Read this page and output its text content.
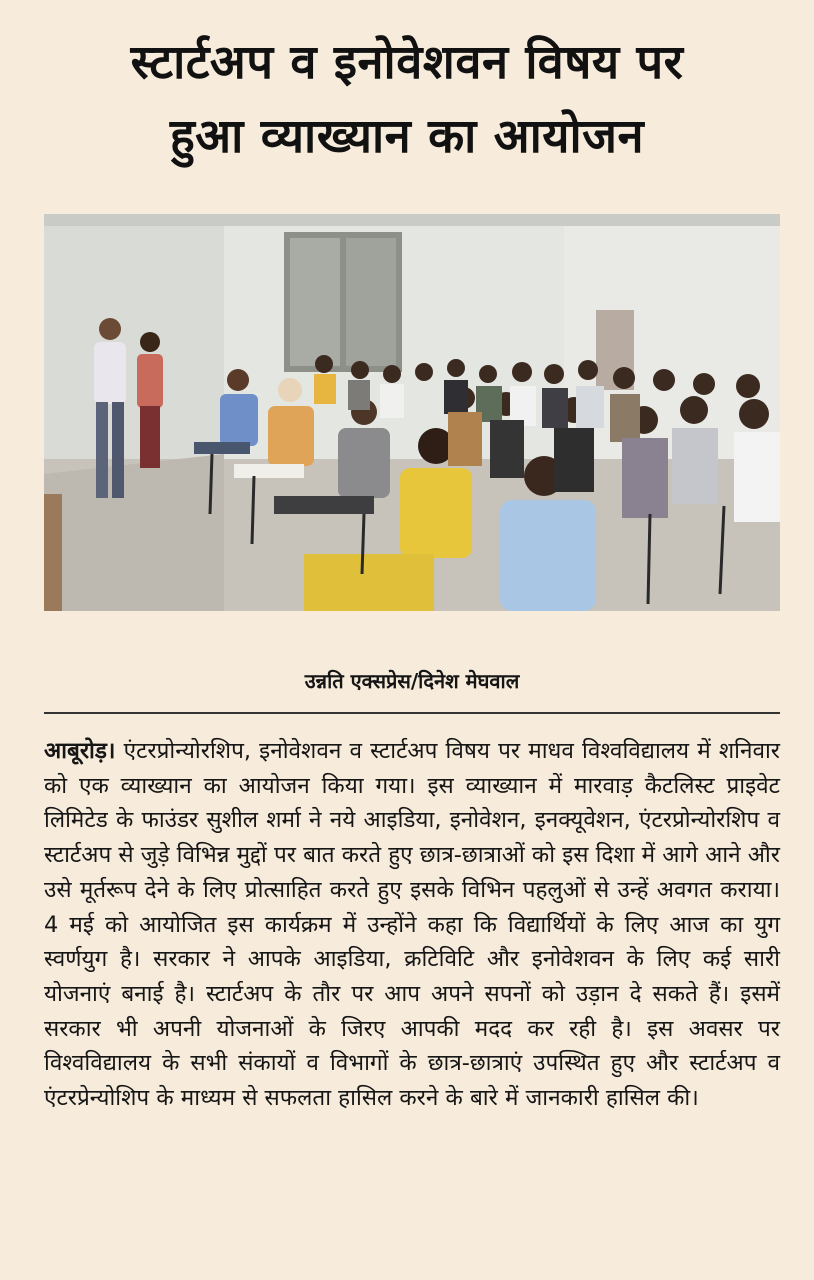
स्टार्टअप व इनोवेशवन विषय पर
हुआ व्याख्यान का आयोजन
उन्नति एक्सप्रेस/दिनेश मेघवाल
आबूरोड़। एंटरप्रोन्योरशिप, इनोवेशवन व स्टार्टअप विषय पर माधव विश्वविद्यालय में शनिवार को एक व्याख्यान का आयोजन किया गया। इस व्याख्यान में मारवाड़ कैटलिस्ट प्राइवेट लिमिटेड के फाउंडर सुशील शर्मा ने नये आइडिया, इनोवेशन, इनक्यूवेशन, एंटरप्रोन्योरशिप व स्टार्टअप से जुड़े विभिन्न मुद्दों पर बात करते हुए छात्र-छात्राओं को इस दिशा में आगे आने और उसे मूर्तरूप देने के लिए प्रोत्साहित करते हुए इसके विभिन पहलुओं से उन्हें अवगत कराया। 4 मई को आयोजित इस कार्यक्रम में उन्होंने कहा कि विद्यार्थियों के लिए आज का युग स्वर्णयुग है। सरकार ने आपके आइडिया, क्रटिविटि और इनोवेशवन के लिए कई सारी योजनाएं बनाई है। स्टार्टअप के तौर पर आप अपने सपनों को उड़ान दे सकते हैं। इसमें सरकार भी अपनी योजनाओं के जिरए आपकी मदद कर रही है। इस अवसर पर विश्वविद्यालय के सभी संकायों व विभागों के छात्र-छात्राएं उपस्थित हुए और स्टार्टअप व एंटरप्रेन्योशिप के माध्यम से सफलता हासिल करने के बारे में जानकारी हासिल की।
